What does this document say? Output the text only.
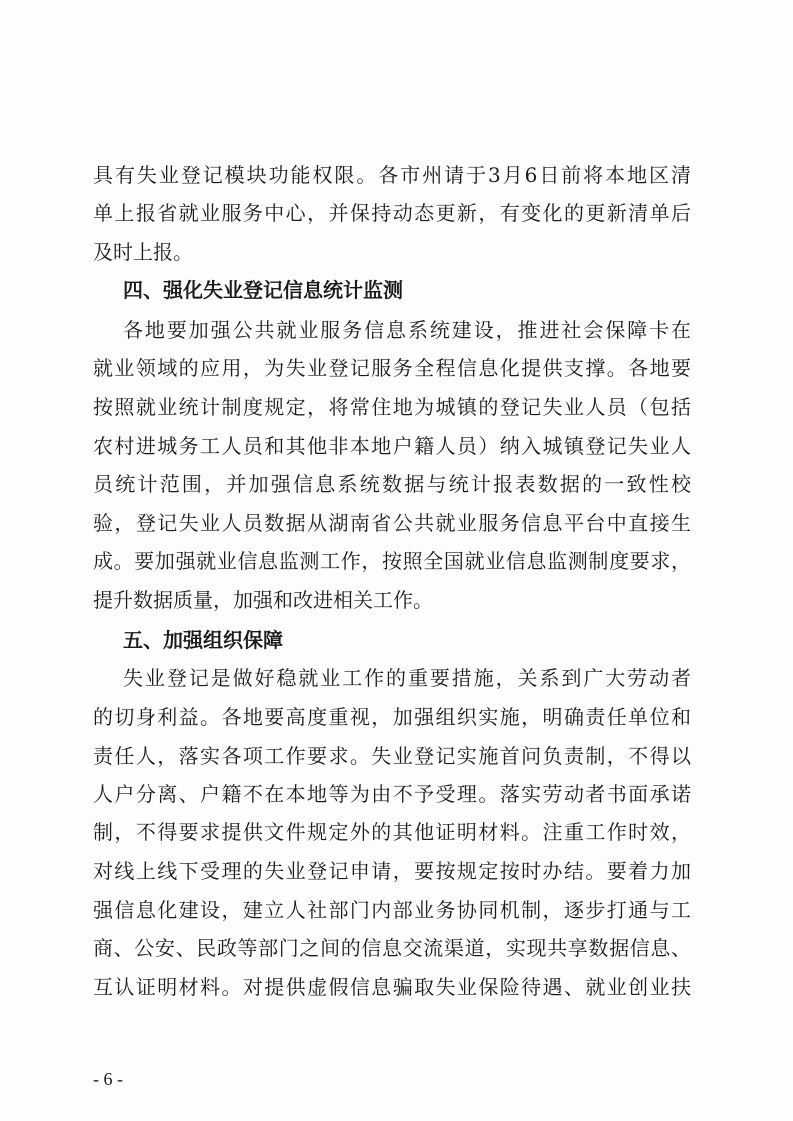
具有失业登记模块功能权限。各市州请于3月6日前将本地区清
单上报省就业服务中心，并保持动态更新，有变化的更新清单后
及时上报。
四、强化失业登记信息统计监测
各地要加强公共就业服务信息系统建设，推进社会保障卡在
就业领域的应用，为失业登记服务全程信息化提供支撑。各地要
按照就业统计制度规定，将常住地为城镇的登记失业人员（包括
农村进城务工人员和其他非本地户籍人员）纳入城镇登记失业人
员统计范围，并加强信息系统数据与统计报表数据的一致性校
验，登记失业人员数据从湖南省公共就业服务信息平台中直接生
成。要加强就业信息监测工作，按照全国就业信息监测制度要求，
提升数据质量，加强和改进相关工作。
五、加强组织保障
失业登记是做好稳就业工作的重要措施，关系到广大劳动者
的切身利益。各地要高度重视，加强组织实施，明确责任单位和
责任人，落实各项工作要求。失业登记实施首问负责制，不得以
人户分离、户籍不在本地等为由不予受理。落实劳动者书面承诺
制，不得要求提供文件规定外的其他证明材料。注重工作时效，
对线上线下受理的失业登记申请，要按规定按时办结。要着力加
强信息化建设，建立人社部门内部业务协同机制，逐步打通与工
商、公安、民政等部门之间的信息交流渠道，实现共享数据信息、
互认证明材料。对提供虚假信息骗取失业保险待遇、就业创业扶
- 6 -
